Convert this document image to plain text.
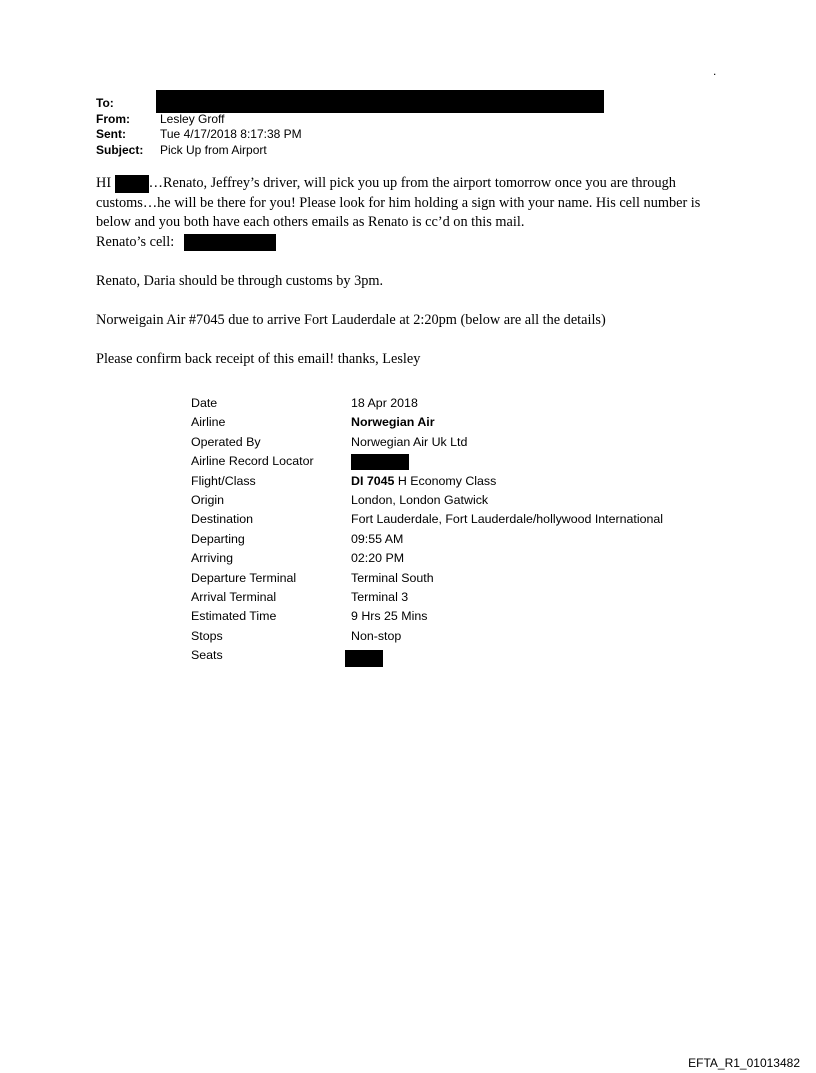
.
To:
From:	Lesley Groff
Sent:	Tue 4/17/2018 8:17:38 PM
Subject:	Pick Up from Airport

HI	…Renato, Jeffrey’s driver, will pick you up from the airport tomorrow once you are through customs…he will be there for you! Please look for him holding a sign with your name. His cell number is below and you both have each others emails as Renato is cc’d on this mail.
Renato’s cell:

Renato, Daria should be through customs by 3pm.

Norweigain Air #7045 due to arrive Fort Lauderdale at 2:20pm (below are all the details)

Please confirm back receipt of this email! thanks, Lesley

Date	18 Apr 2018
Airline	Norwegian Air
Operated By	Norwegian Air Uk Ltd
Airline Record Locator
Flight/Class	DI 7045 H Economy Class
Origin	London, London Gatwick
Destination	Fort Lauderdale, Fort Lauderdale/hollywood International
Departing	09:55 AM
Arriving	02:20 PM
Departure Terminal	Terminal South
Arrival Terminal	Terminal 3
Estimated Time	9 Hrs 25 Mins
Stops	Non-stop
Seats
EFTA_R1_01013482
